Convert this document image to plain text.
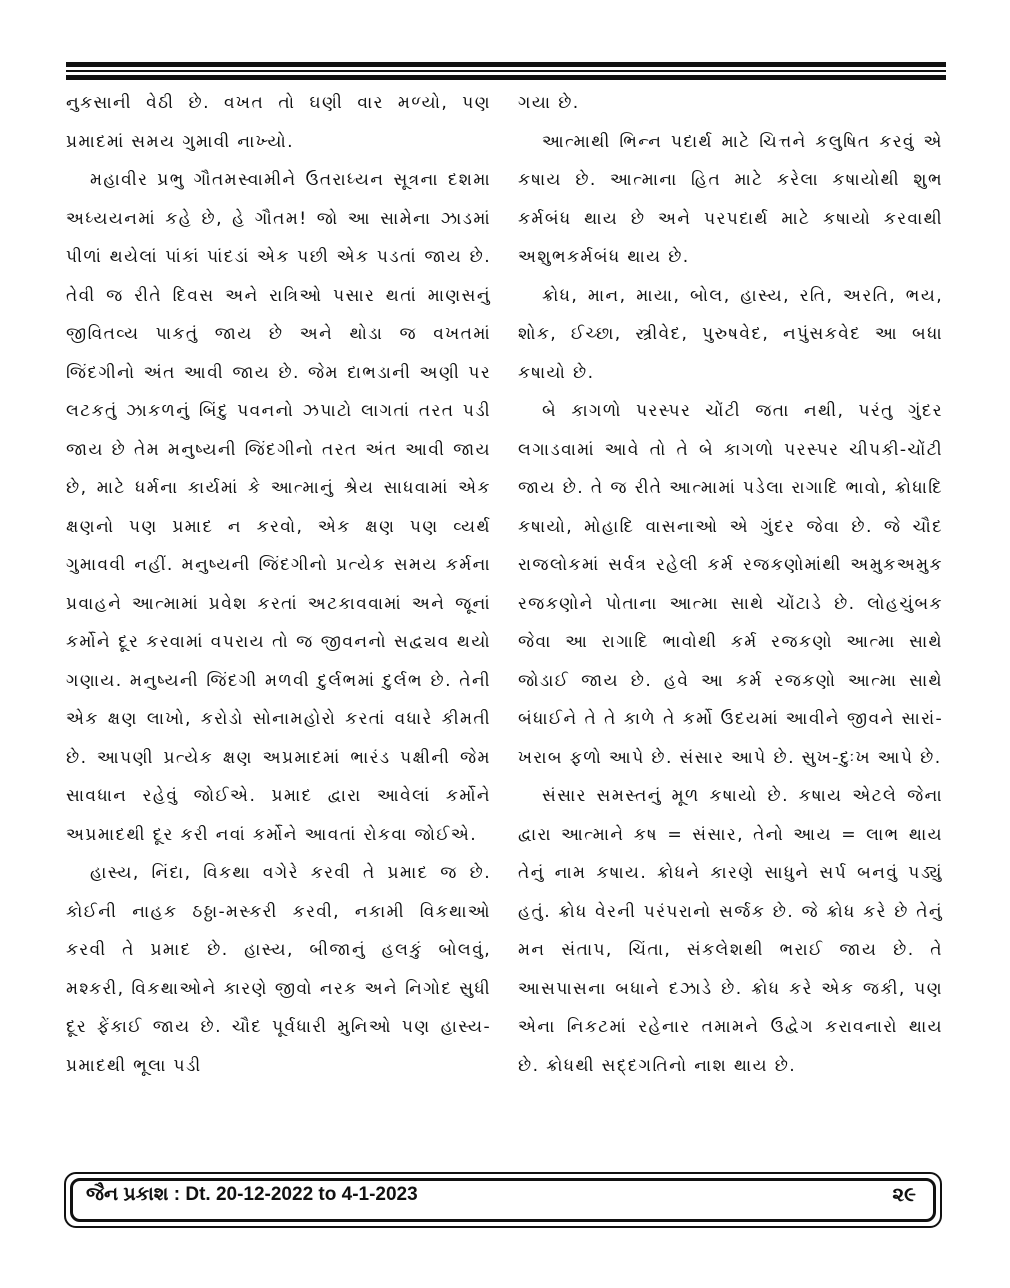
નુકસાની વેઠી છે. વખત તો ઘણી વાર મળ્યો, પણ પ્રમાદમાં સમય ગુમાવી નાખ્યો.

મહાવીર પ્રભુ ગૌતમસ્વામીને ઉતરાધ્યન સૂત્રના દશમા અધ્યયનમાં કહે છે, હે ગૌતમ! જો આ સામેના ઝાડમાં પીળાં થયેલાં પાંકાં પાંદડાં એક પછી એક પડતાં જાય છે. તેવી જ રીતે દિવસ અને રાત્રિઓ પસાર થતાં માણસનું જીવિતવ્ય પાકતું જાય છે અને થોડા જ વખતમાં જિંદગીનો અંત આવી જાય છે. જેમ દાભડાની અણી પર લટકતું ઝાકળનું બિંદુ પવનનો ઝપાટો લાગતાં તરત પડી જાય છે તેમ મનુષ્યની જિંદગીનો તરત અંત આવી જાય છે, માટે ધર્મના કાર્યમાં કે આત્માનું શ્રેય સાધવામાં એક ક્ષણનો પણ પ્રમાદ ન કરવો, એક ક્ષણ પણ વ્યર્થ ગુમાવવી નહીં. મનુષ્યની જિંદગીનો પ્રત્યેક સમય કર્મના પ્રવાહને આત્મામાં પ્રવેશ કરતાં અટકાવવામાં અને જૂનાં કર્મોને દૂર કરવામાં વપરાય તો જ જીવનનો સદ્વ્યવ થયો ગણાય. મનુષ્યની જિંદગી મળવી દુર્લભમાં દુર્લભ છે. તેની એક ક્ષણ લાખો, કરોડો સોનામહોરો કરતાં વધારે કીમતી છે. આપણી પ્રત્યેક ક્ષણ અપ્રમાદમાં ભારંડ પક્ષીની જેમ સાવધાન રહેવું જોઈએ. પ્રમાદ દ્વારા આવેલાં કર્મોને અપ્રમાદથી દૂર કરી નવાં કર્મોને આવતાં રોકવા જોઈએ.

હાસ્ય, નિંદા, વિકથા વગેરે કરવી તે પ્રમાદ જ છે. કોઈની નાહક ઠઠ્ઠા-મસ્કરી કરવી, નકામી વિકથાઓ કરવી તે પ્રમાદ છે. હાસ્ય, બીજાનું હલકું બોલવું, મશ્કરી, વિકથાઓને કારણે જીવો નરક અને નિગોદ સુધી દૂર ફેંકાઈ જાય છે. ચૌદ પૂર્વધારી મુનિઓ પણ હાસ્ય-પ્રમાદથી ભૂલા પડી

ગયા છે.

આત્માથી ભિન્ન પદાર્થ માટે ચિત્તને કલુષિત કરવું એ કષાય છે. આત્માના હિત માટે કરેલા કષાયોથી શુભ કર્મબંધ થાય છે અને પરપદાર્થ માટે કષાયો કરવાથી અશુભકર્મબંધ થાય છે.

ક્રોધ, માન, માયા, બોલ, હાસ્ય, રતિ, અરતિ, ભય, શોક, ઈચ્છા, સ્ત્રીવેદ, પુરુષવેદ, નપુંસકવેદ આ બધા કષાયો છે.

બે કાગળો પરસ્પર ચોંટી જતા નથી, પરંતુ ગુંદર લગાડવામાં આવે તો તે બે કાગળો પરસ્પર ચીપકી-ચોંટી જાય છે. તે જ રીતે આત્મામાં પડેલા રાગાદિ ભાવો, ક્રોધાદિ કષાયો, મોહાદિ વાસનાઓ એ ગુંદર જેવા છે. જે ચૌદ રાજલોકમાં સર્વત્ર રહેલી કર્મ રજકણોમાંથી અમુકઅમુક રજકણોને પોતાના આત્મા સાથે ચોંટાડે છે. લોહચુંબક જેવા આ રાગાદિ ભાવોથી કર્મ રજકણો આત્મા સાથે જોડાઈ જાય છે. હવે આ કર્મ રજકણો આત્મા સાથે બંધાઈને તે તે કાળે તે કર્મો ઉદયમાં આવીને જીવને સારાં-ખરાબ ફળો આપે છે. સંસાર આપે છે. સુખ-દુઃખ આપે છે.

સંસાર સમસ્તનું મૂળ કષાયો છે. કષાય એટલે જેના દ્વારા આત્માને કષ = સંસાર, તેનો આય = લાભ થાય તેનું નામ કષાય. ક્રોધને કારણે સાધુને સર્પ બનવું પડ્યું હતું. ક્રોધ વેરની પરંપરાનો સર્જક છે. જે ક્રોધ કરે છે તેનું મન સંતાપ, ચિંતા, સંકલેશથી ભરાઈ જાય છે. તે આસપાસના બધાને દઝાડે છે. ક્રોધ કરે એક જકી, પણ એના નિકટમાં રહેનાર તમામને ઉદ્વેગ કરાવનારો થાય છે. ક્રોધથી સદ્દગતિનો નાશ થાય છે.

જૈન પ્રકાશ : Dt. 20-12-2022 to 4-1-2023	૨૯
